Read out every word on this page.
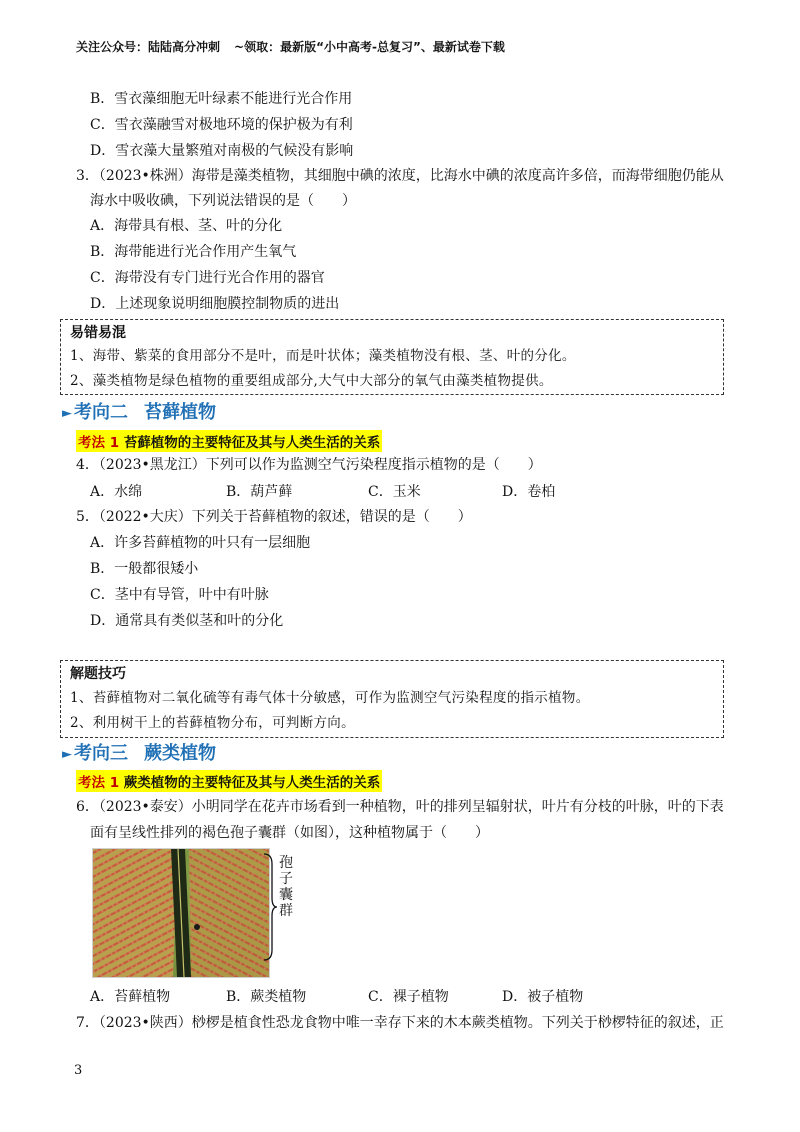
关注公众号：陆陆高分冲刺 ~领取：最新版“小中高考-总复习”、最新试卷下载
B．雪衣藻细胞无叶绿素不能进行光合作用
C．雪衣藻融雪对极地环境的保护极为有利
D．雪衣藻大量繁殖对南极的气候没有影响
3．（2023•株洲）海带是藻类植物，其细胞中碘的浓度，比海水中碘的浓度高许多倍，而海带细胞仍能从
海水中吸收碘，下列说法错误的是（　　）
A．海带具有根、茎、叶的分化
B．海带能进行光合作用产生氧气
C．海带没有专门进行光合作用的器官
D．上述现象说明细胞膜控制物质的进出
易错易混
1、海带、紫菜的食用部分不是叶，而是叶状体；藻类植物没有根、茎、叶的分化。
2、藻类植物是绿色植物的重要组成部分,大气中大部分的氧气由藻类植物提供。
► 考向二 苔藓植物
考法 1 苔藓植物的主要特征及其与人类生活的关系
4．（2023•黑龙江）下列可以作为监测空气污染程度指示植物的是（　　）
A．水绵	B．葫芦藓	C．玉米	D．卷柏
5．（2022•大庆）下列关于苔藓植物的叙述，错误的是（　　）
A．许多苔藓植物的叶只有一层细胞
B．一般都很矮小
C．茎中有导管，叶中有叶脉
D．通常具有类似茎和叶的分化
解题技巧
1、苔藓植物对二氧化硫等有毒气体十分敏感，可作为监测空气污染程度的指示植物。
2、利用树干上的苔藓植物分布，可判断方向。
► 考向三 蕨类植物
考法 1 蕨类植物的主要特征及其与人类生活的关系
6．（2023•泰安）小明同学在花卉市场看到一种植物，叶的排列呈辐射状，叶片有分枝的叶脉，叶的下表
面有呈线性排列的褐色孢子囊群（如图），这种植物属于（　　）
孢
子
囊
群
A．苔藓植物	B．蕨类植物	C．裸子植物	D．被子植物
7．（2023•陕西）桫椤是植食性恐龙食物中唯一幸存下来的木本蕨类植物。下列关于桫椤特征的叙述，正
3
